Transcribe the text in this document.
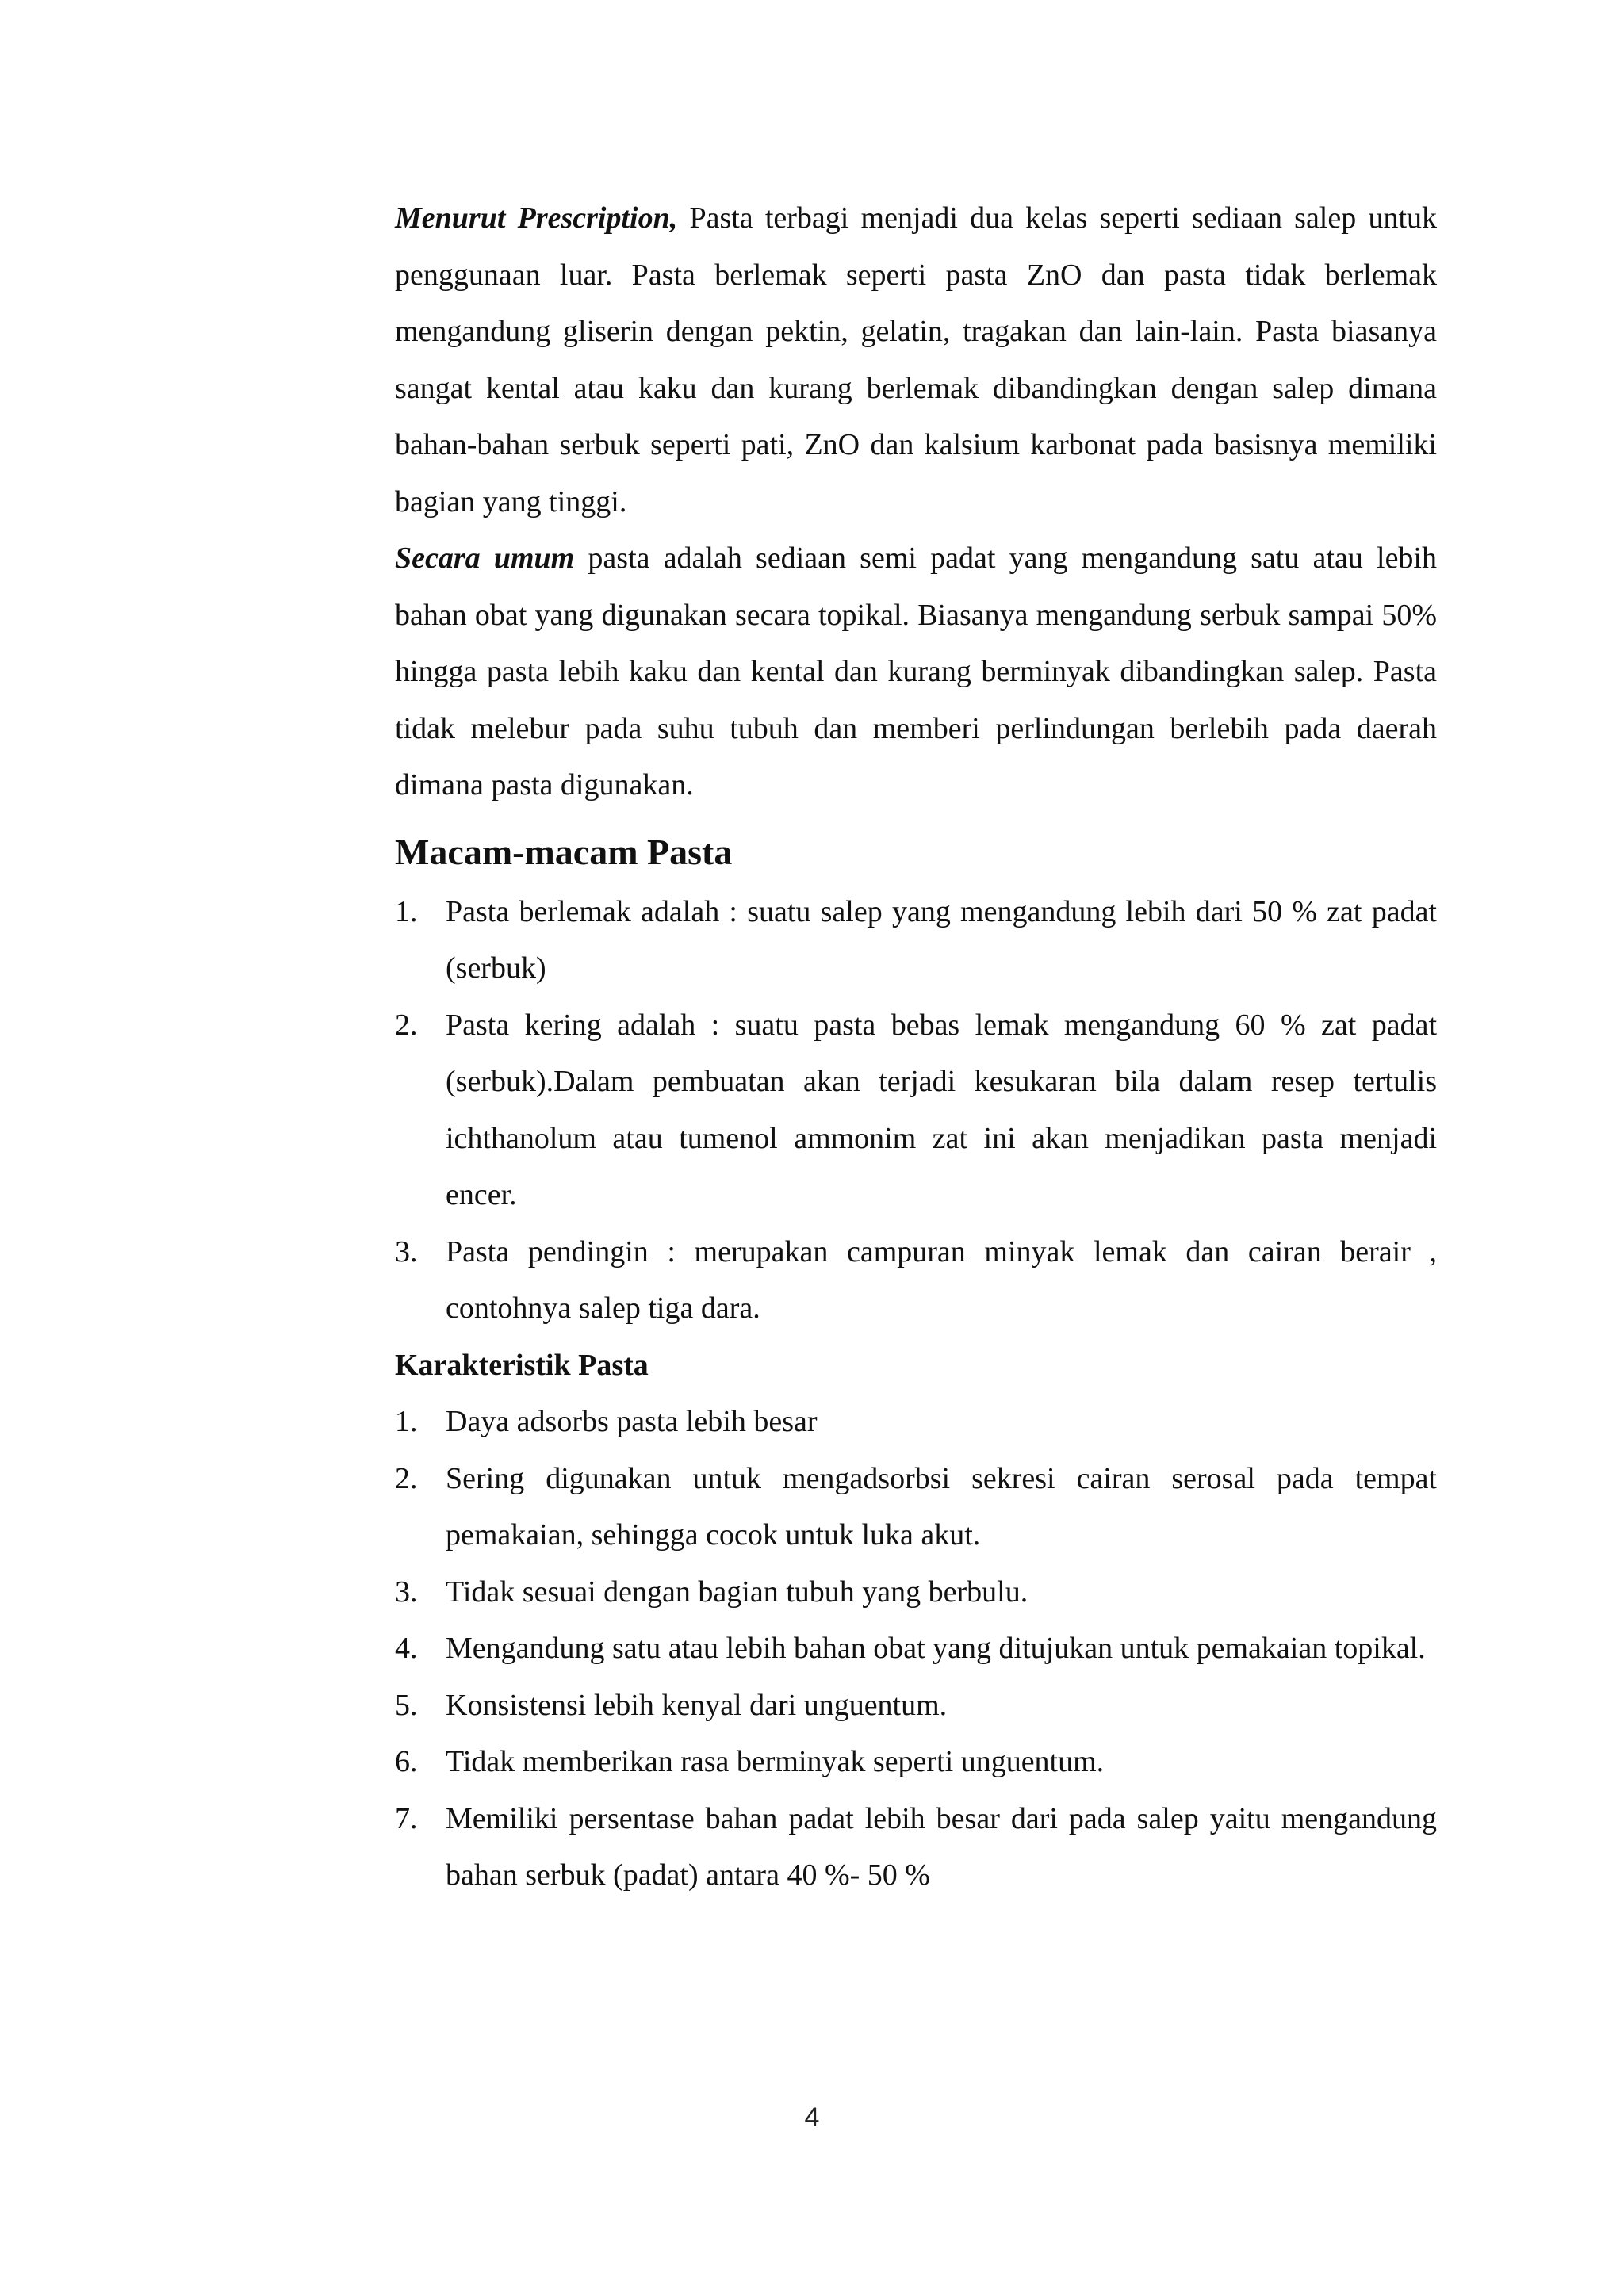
Menurut Prescription, Pasta terbagi menjadi dua kelas seperti sediaan salep untuk penggunaan luar. Pasta berlemak seperti pasta ZnO dan pasta tidak berlemak mengandung gliserin dengan pektin, gelatin, tragakan dan lain-lain. Pasta biasanya sangat kental atau kaku dan kurang berlemak dibandingkan dengan salep dimana bahan-bahan serbuk seperti pati, ZnO dan kalsium karbonat pada basisnya memiliki bagian yang tinggi.

Secara umum pasta adalah sediaan semi padat yang mengandung satu atau lebih bahan obat yang digunakan secara topikal. Biasanya mengandung serbuk sampai 50% hingga pasta lebih kaku dan kental dan kurang berminyak dibandingkan salep. Pasta tidak melebur pada suhu tubuh dan memberi perlindungan berlebih pada daerah dimana pasta digunakan.

Macam-macam Pasta
1. Pasta berlemak adalah : suatu salep yang mengandung lebih dari 50 % zat padat (serbuk)
2. Pasta kering adalah : suatu pasta bebas lemak mengandung 60 % zat padat (serbuk).Dalam pembuatan akan terjadi kesukaran bila dalam resep tertulis ichthanolum atau tumenol ammonim zat ini akan menjadikan pasta menjadi encer.
3. Pasta pendingin : merupakan campuran minyak lemak dan cairan berair , contohnya salep tiga dara.
Karakteristik Pasta
1. Daya adsorbs pasta lebih besar
2. Sering digunakan untuk mengadsorbsi sekresi cairan serosal pada tempat pemakaian, sehingga cocok untuk luka akut.
3. Tidak sesuai dengan bagian tubuh yang berbulu.
4. Mengandung satu atau lebih bahan obat yang ditujukan untuk pemakaian topikal.
5. Konsistensi lebih kenyal dari unguentum.
6. Tidak memberikan rasa berminyak seperti unguentum.
7. Memiliki persentase bahan padat lebih besar dari pada salep yaitu mengandung bahan serbuk (padat) antara 40 %- 50 %
4
